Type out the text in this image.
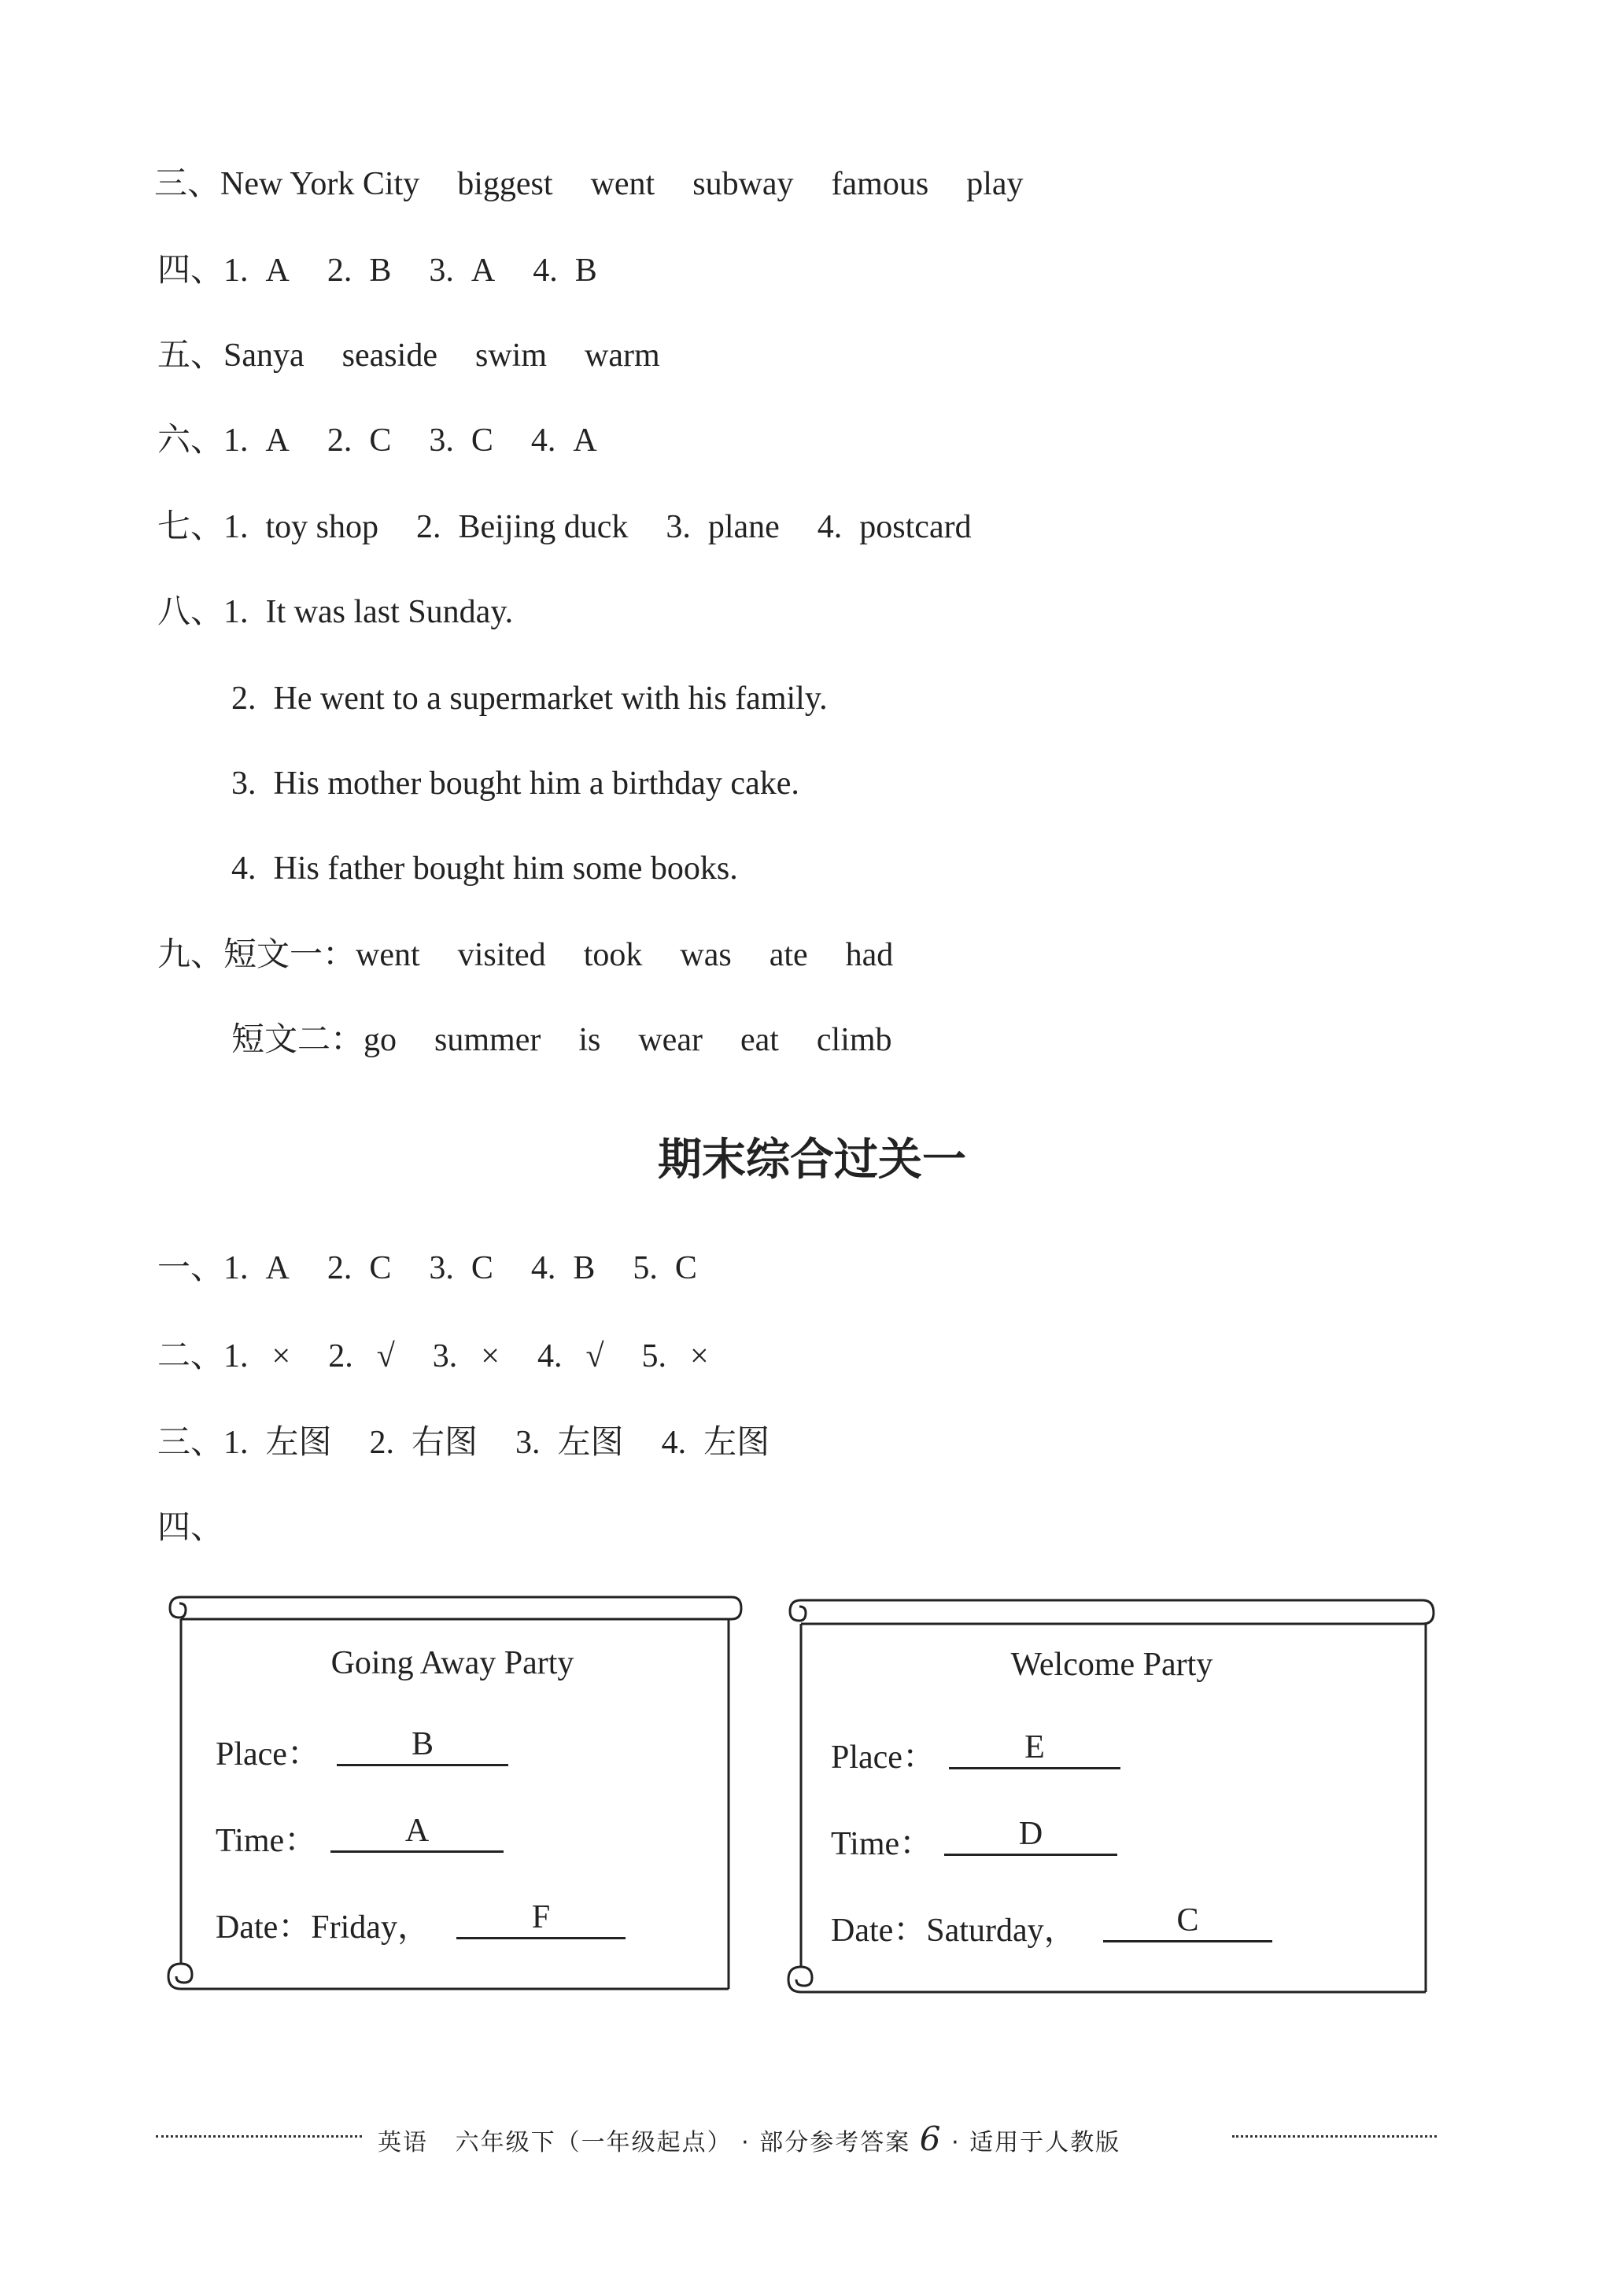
三、New York City biggest went subway famous play
四、1. A 2. B 3. A 4. B
五、Sanya seaside swim warm
六、1. A 2. C 3. C 4. A
七、1. toy shop 2. Beijing duck 3. plane 4. postcard
八、1. It was last Sunday.
2. He went to a supermarket with his family.
3. His mother bought him a birthday cake.
4. His father bought him some books.
九、短文一：went visited took was ate had
短文二：go summer is wear eat climb
期末综合过关一
一、1. A 2. C 3. C 4. B 5. C
二、1. × 2. √ 3. × 4. √ 5. ×
三、1. 左图 2. 右图 3. 左图 4. 左图
四、
Going Away Party
Place：	B
Time：	A
Date：Friday，	F
Welcome Party
Place：	E
Time：	D
Date：Saturday，	C
英语 六年级下（一年级起点） · 部分参考答案 6 · 适用于人教版
